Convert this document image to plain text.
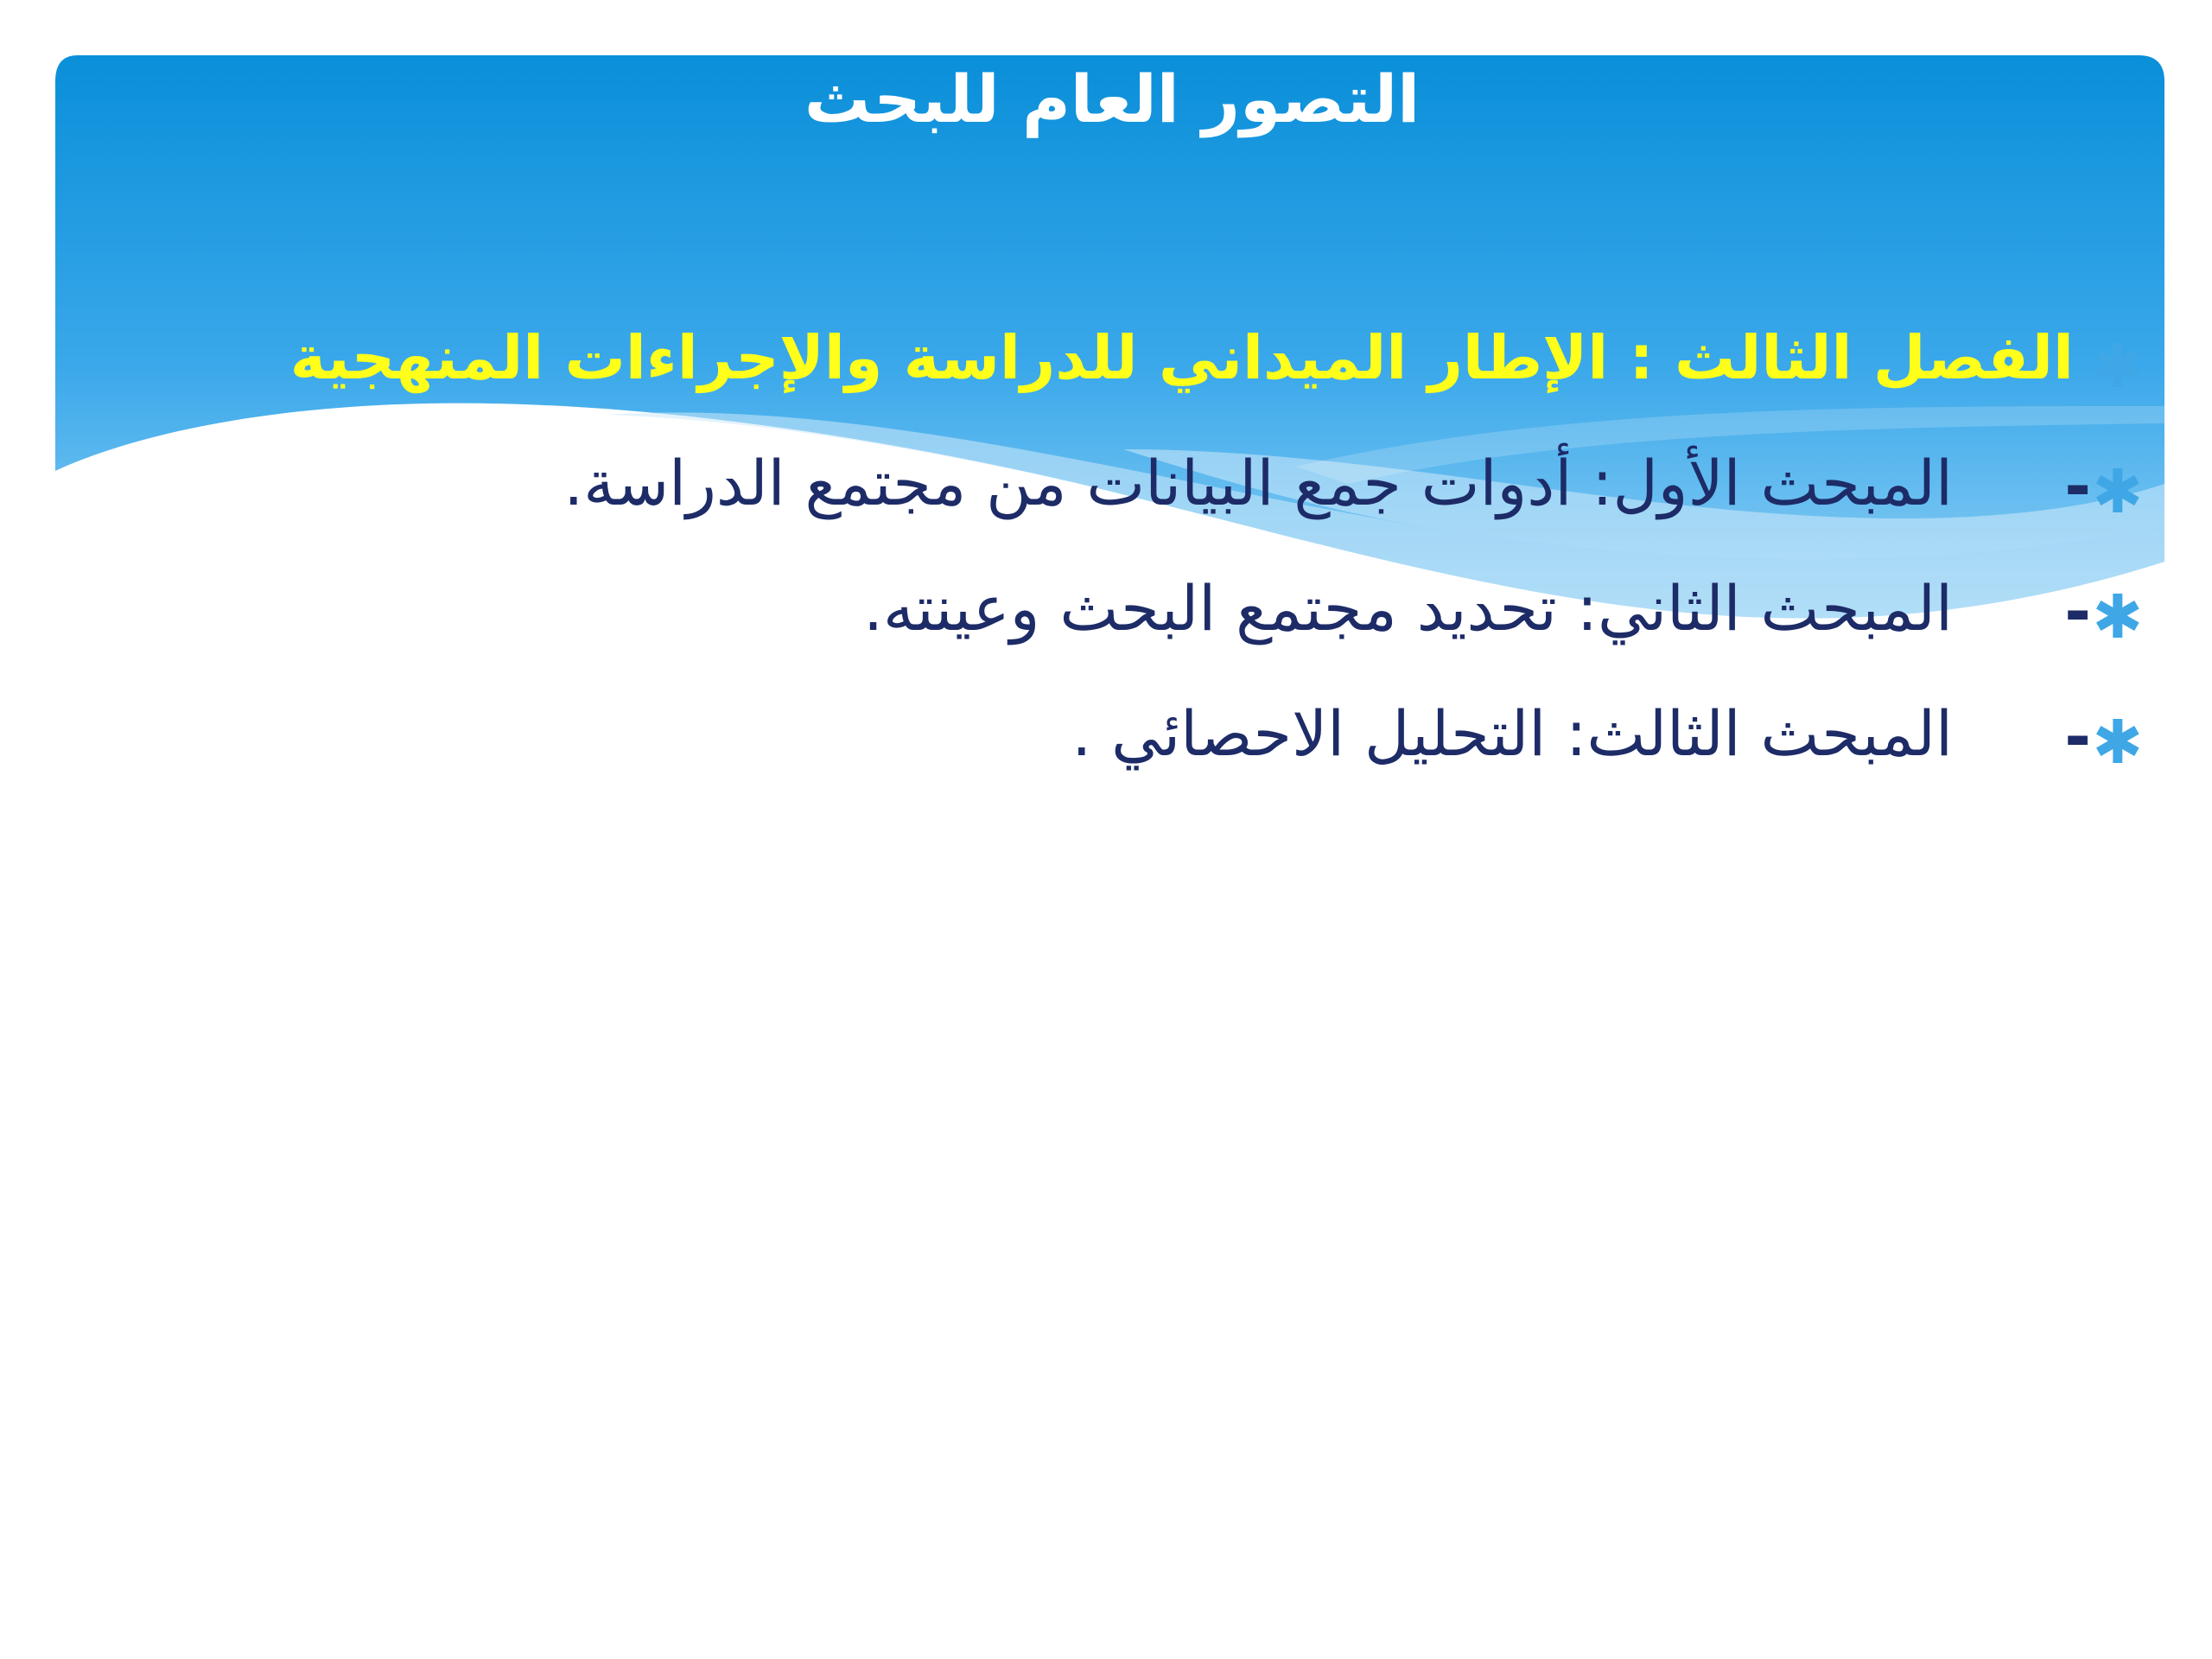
التصور العام للبحث
✱
الفصل الثالث : الإطار الميداني للدراسة والإجراءات المنهجية
✱
-
المبحث الأول: أدوات جمع البيانات من مجتمع الدراسة.
✱
-
المبحث الثاني: تحديد مجتمع البحث وعينته.
✱
-
المبحث الثالث: التحليل الاحصائي .
